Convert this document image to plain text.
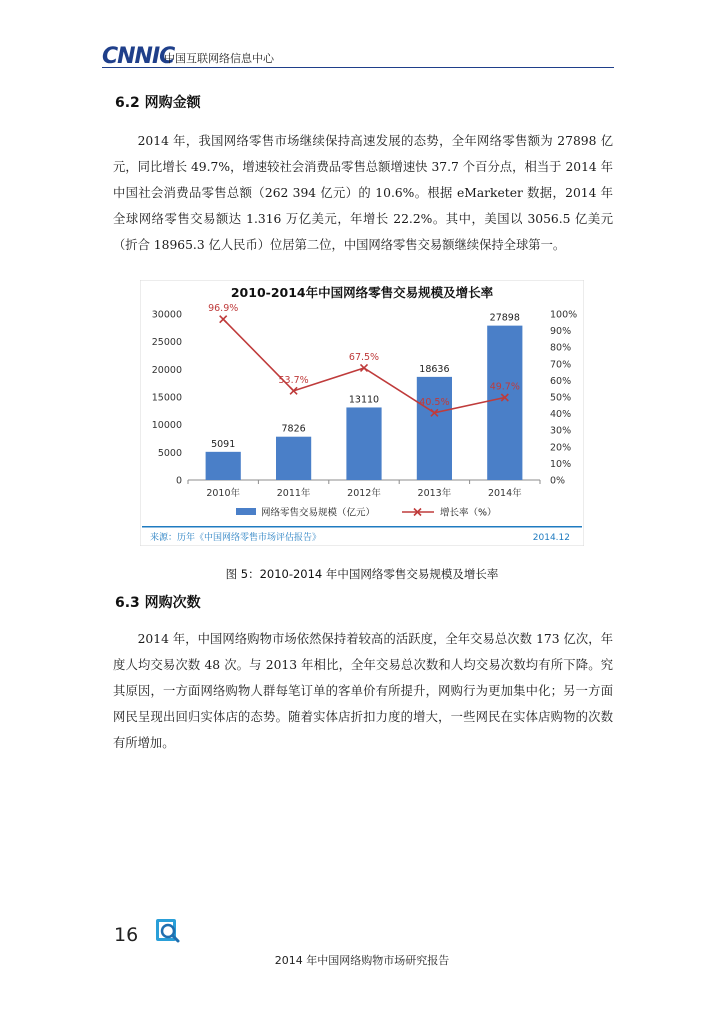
CNNIC
中国互联网络信息中心
6.2 网购金额
2014 年，我国网络零售市场继续保持高速发展的态势，全年网络零售额为 27898 亿元，同比增长 49.7%，增速较社会消费品零售总额增速快 37.7 个百分点，相当于 2014 年中国社会消费品零售总额（262 394 亿元）的 10.6%。根据 eMarketer 数据，2014 年全球网络零售交易额达 1.316 万亿美元，年增长 22.2%。其中，美国以 3056.5 亿美元（折合 18965.3 亿人民币）位居第二位，中国网络零售交易额继续保持全球第一。
2010-2014年中国网络零售交易规模及增长率
0
5000
10000
15000
20000
25000
30000
0%
10%
20%
30%
40%
50%
60%
70%
80%
90%
100%
2010年	2011年	2012年	2013年	2014年
5091
7826
13110
18636
27898
96.9%
53.7%
67.5%
40.5%
49.7%
网络零售交易规模（亿元）	增长率（%）
来源：历年《中国网络零售市场评估报告》	2014.12
图 5：2010-2014 年中国网络零售交易规模及增长率
6.3 网购次数
2014 年，中国网络购物市场依然保持着较高的活跃度，全年交易总次数 173 亿次，年度人均交易次数 48 次。与 2013 年相比，全年交易总次数和人均交易次数均有所下降。究其原因，一方面网络购物人群每笔订单的客单价有所提升，网购行为更加集中化；另一方面网民呈现出回归实体店的态势。随着实体店折扣力度的增大，一些网民在实体店购物的次数有所增加。
16
2014 年中国网络购物市场研究报告
